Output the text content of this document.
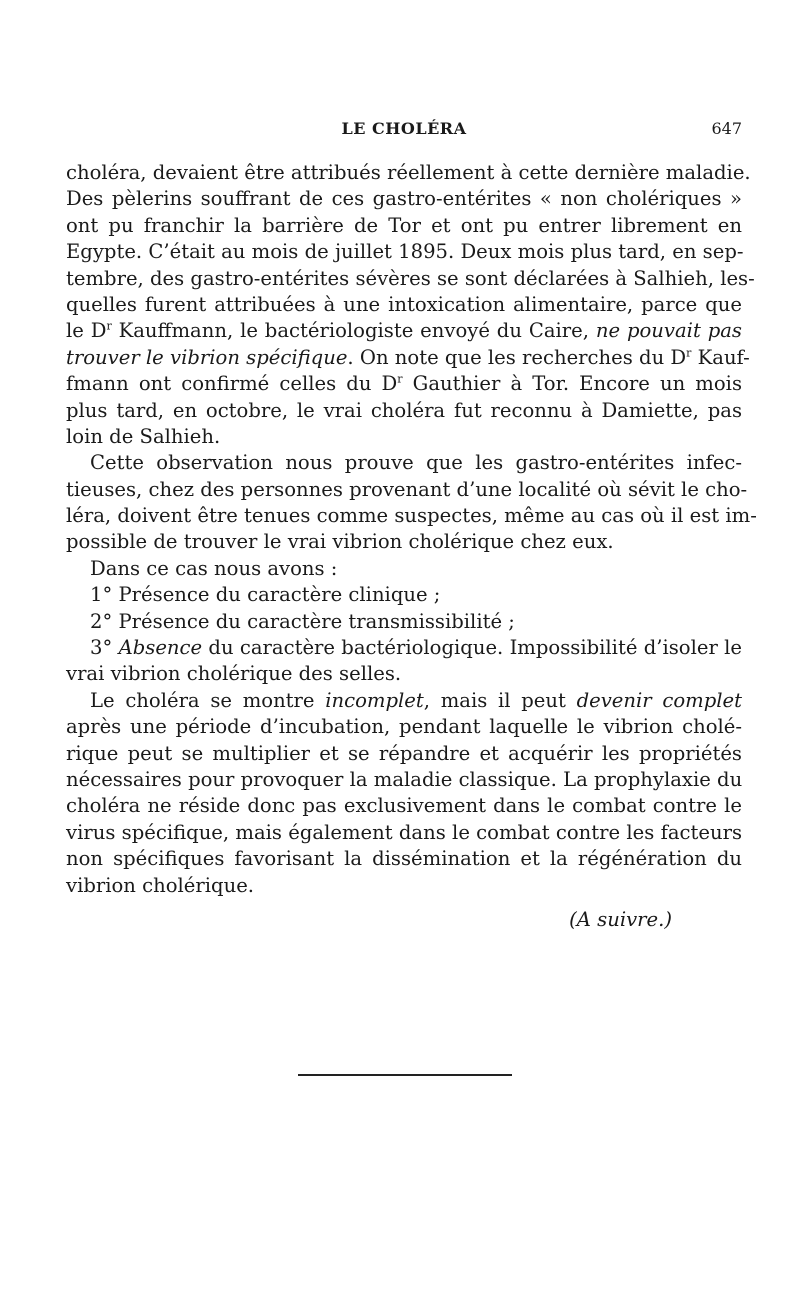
LE CHOLÉRA	647
choléra, devaient être attribués réellement à cette dernière maladie.
Des pèlerins souffrant de ces gastro-entérites « non cholériques »
ont pu franchir la barrière de Tor et ont pu entrer librement en
Egypte. C’était au mois de juillet 1895. Deux mois plus tard, en sep-
tembre, des gastro-entérites sévères se sont déclarées à Salhieh, les-
quelles furent attribuées à une intoxication alimentaire, parce que
le $D^r$ Kauffmann, le bactériologiste envoyé du Caire, ne pouvait pas
trouver le vibrion spécifique. On note que les recherches du $D^r$ Kauf-
fmann ont confirmé celles du $D^r$ Gauthier à Tor. Encore un mois
plus tard, en octobre, le vrai choléra fut reconnu à Damiette, pas
loin de Salhieh.
Cette observation nous prouve que les gastro-entérites infec-
tieuses, chez des personnes provenant d’une localité où sévit le cho-
léra, doivent être tenues comme suspectes, même au cas où il est im-
possible de trouver le vrai vibrion cholérique chez eux.
Dans ce cas nous avons :
1° Présence du caractère clinique ;
2° Présence du caractère transmissibilité ;
3° Absence du caractère bactériologique. Impossibilité d’isoler le
vrai vibrion cholérique des selles.
Le choléra se montre incomplet, mais il peut devenir complet
après une période d’incubation, pendant laquelle le vibrion cholé-
rique peut se multiplier et se répandre et acquérir les propriétés
nécessaires pour provoquer la maladie classique. La prophylaxie du
choléra ne réside donc pas exclusivement dans le combat contre le
virus spécifique, mais également dans le combat contre les facteurs
non spécifiques favorisant la dissémination et la régénération du
vibrion cholérique.
(A suivre.)
